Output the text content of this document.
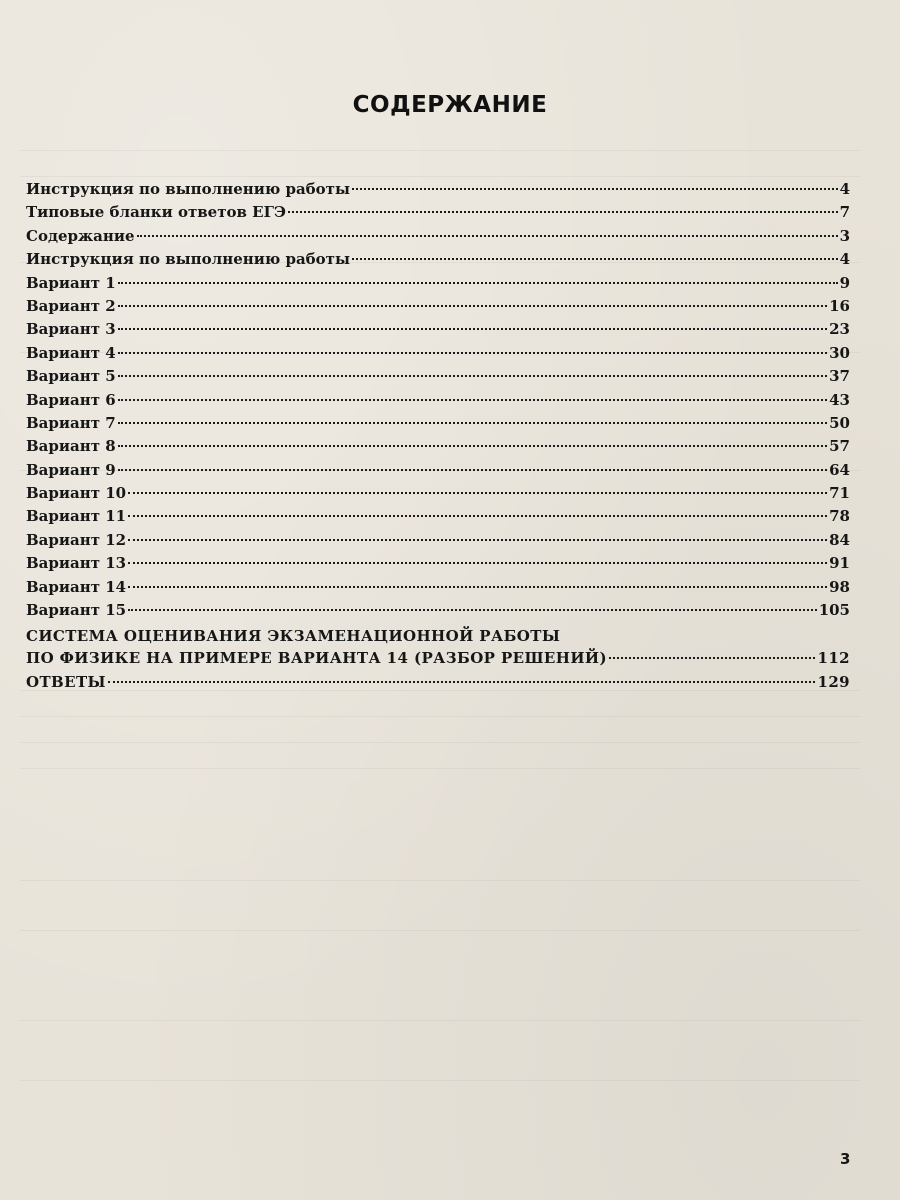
СОДЕРЖАНИЕ
Инструкция по выполнению работы	4
Типовые бланки ответов ЕГЭ	7
Содержание	3
Инструкция по выполнению работы	4
Вариант 1	9
Вариант 2	16
Вариант 3	23
Вариант 4	30
Вариант 5	37
Вариант 6	43
Вариант 7	50
Вариант 8	57
Вариант 9	64
Вариант 10	71
Вариант 11	78
Вариант 12	84
Вариант 13	91
Вариант 14	98
Вариант 15	105
СИСТЕМА ОЦЕНИВАНИЯ ЭКЗАМЕНАЦИОННОЙ РАБОТЫ
ПО ФИЗИКЕ НА ПРИМЕРЕ ВАРИАНТА 14 (РАЗБОР РЕШЕНИЙ)	112
ОТВЕТЫ	129
3
